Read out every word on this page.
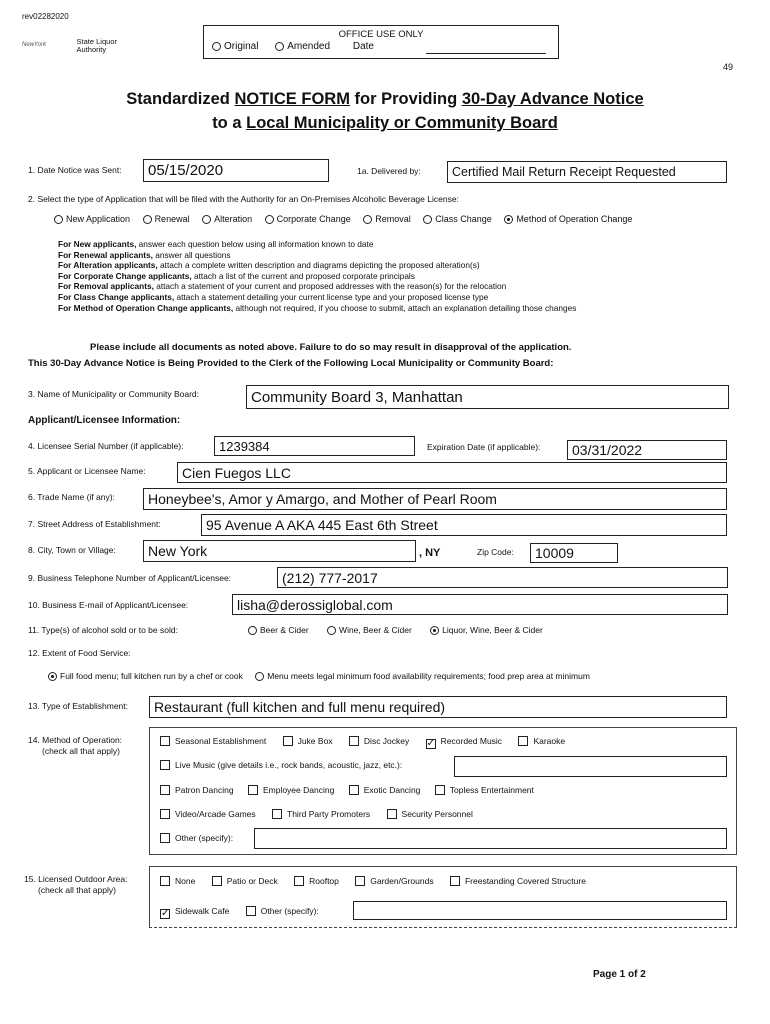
rev02282020
NewYork	State Liquor
Authority
OFFICE USE ONLY
Original	Amended Date
49
Standardized NOTICE FORM for Providing 30-Day Advance Notice
to a Local Municipality or Community Board
1. Date Notice was Sent:	05/15/2020	1a. Delivered by:	Certified Mail Return Receipt Requested
2. Select the type of Application that will be filed with the Authority for an On-Premises Alcoholic Beverage License:
New Application	Renewal	Alteration	Corporate Change	Removal	Class Change	Method of Operation Change
For New applicants, answer each question below using all information known to date
For Renewal applicants, answer all questions
For Alteration applicants, attach a complete written description and diagrams depicting the proposed alteration(s)
For Corporate Change applicants, attach a list of the current and proposed corporate principals
For Removal applicants, attach a statement of your current and proposed addresses with the reason(s) for the relocation
For Class Change applicants, attach a statement detailing your current license type and your proposed license type
For Method of Operation Change applicants, although not required, if you choose to submit, attach an explanation detailing those changes
Please include all documents as noted above. Failure to do so may result in disapproval of the application.
This 30-Day Advance Notice is Being Provided to the Clerk of the Following Local Municipality or Community Board:
3. Name of Municipality or Community Board:	Community Board 3, Manhattan
Applicant/Licensee Information:
4. Licensee Serial Number (if applicable):	1239384	Expiration Date (if applicable):	03/31/2022
5. Applicant or Licensee Name:	Cien Fuegos LLC
6. Trade Name (if any):	Honeybee's, Amor y Amargo, and Mother of Pearl Room
7. Street Address of Establishment:	95 Avenue A AKA 445 East 6th Street
8. City, Town or Village:	New York	, NY	Zip Code:	10009
9. Business Telephone Number of Applicant/Licensee:	(212) 777-2017
10. Business E-mail of Applicant/Licensee:	lisha@derossiglobal.com
11. Type(s) of alcohol sold or to be sold:	Beer & Cider	Wine, Beer & Cider	Liquor, Wine, Beer & Cider
12. Extent of Food Service:
Full food menu; full kitchen run by a chef or cook	Menu meets legal minimum food availability requirements; food prep area at minimum
13. Type of Establishment:	Restaurant (full kitchen and full menu required)
14. Method of Operation:
(check all that apply)
Seasonal Establishment	Juke Box	Disc Jockey ✓ Recorded Music	Karaoke
Live Music (give details i.e., rock bands, acoustic, jazz, etc.):
Patron Dancing	Employee Dancing	Exotic Dancing	Topless Entertainment
Video/Arcade Games	Third Party Promoters	Security Personnel
Other (specify):
15. Licensed Outdoor Area:
(check all that apply)
None	Patio or Deck	Rooftop	Garden/Grounds	Freestanding Covered Structure
✓ Sidewalk Cafe	Other (specify):
Page 1 of 2
